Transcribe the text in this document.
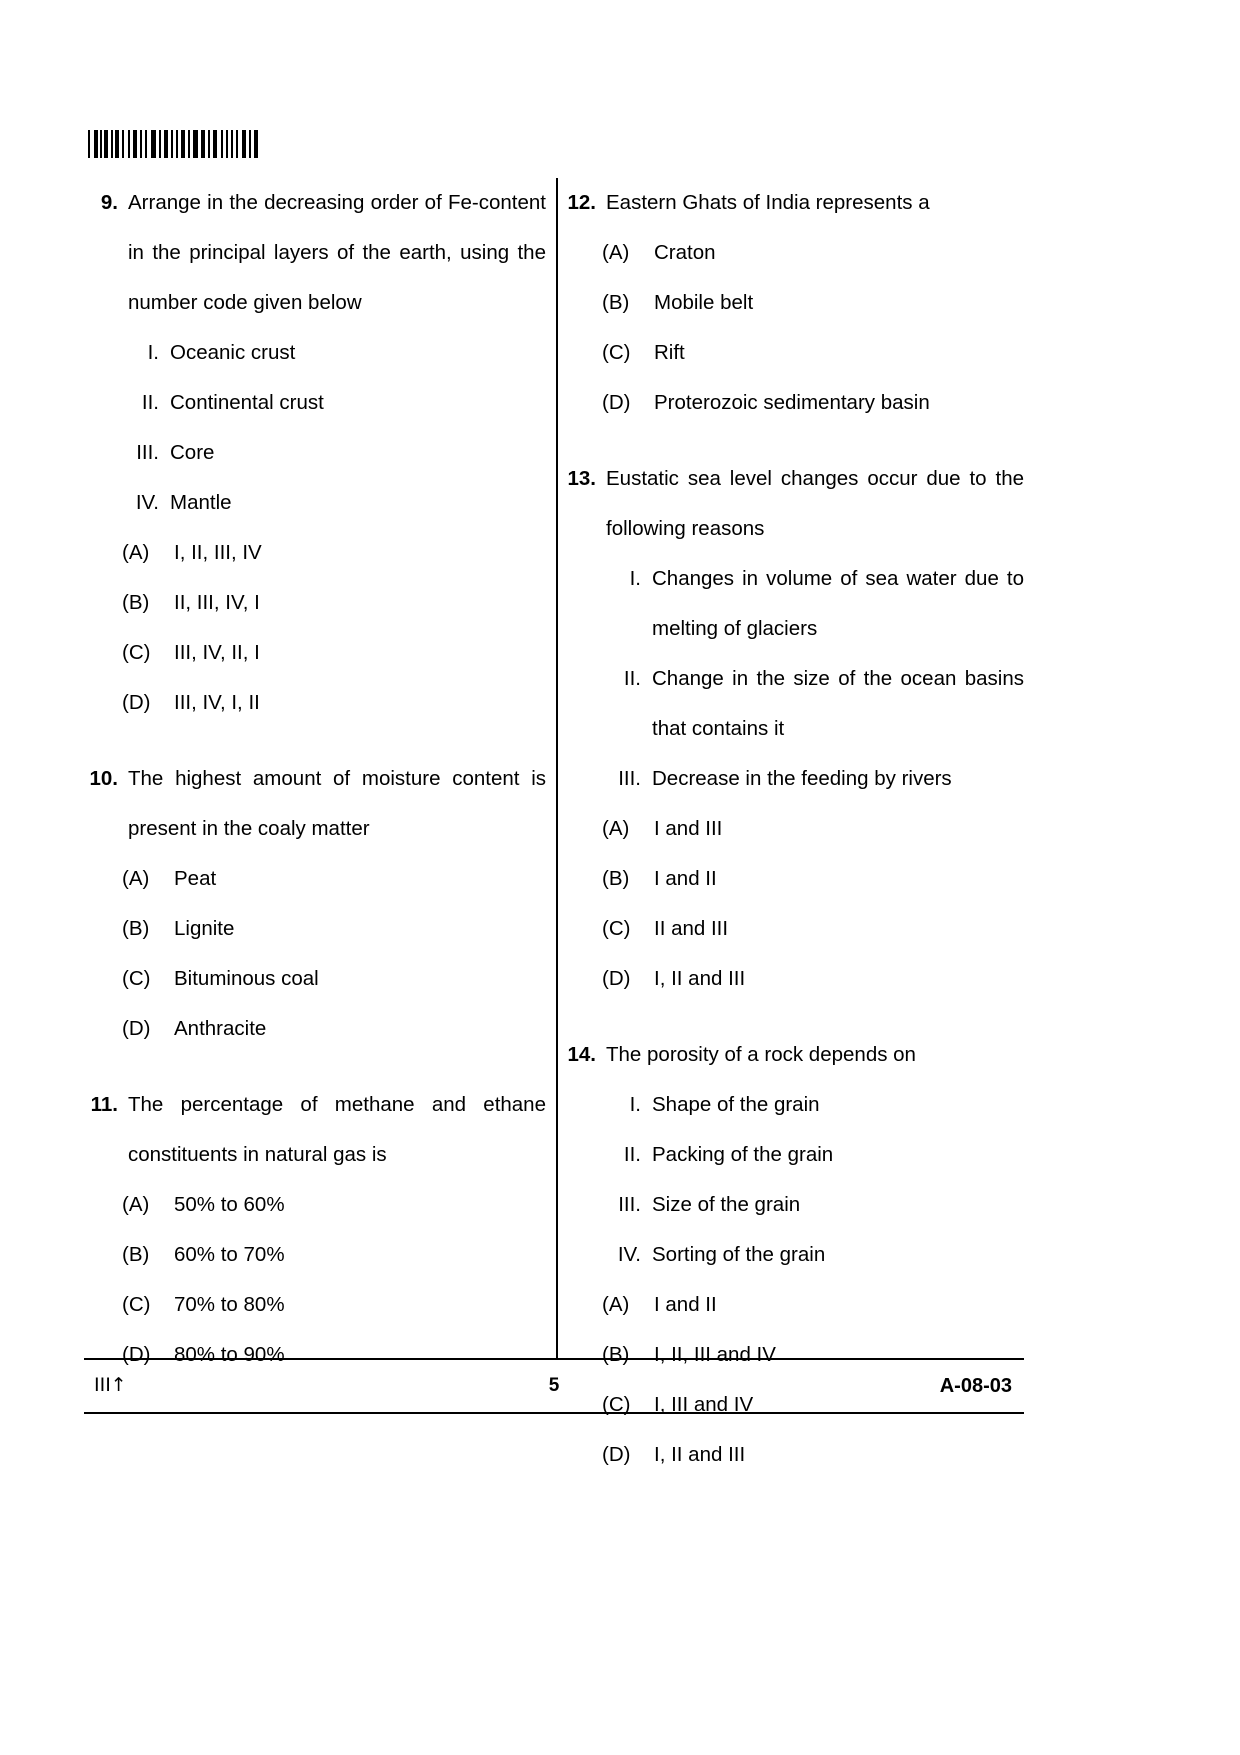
9. Arrange in the decreasing order of Fe-content in the principal layers of the earth, using the number code given below
I. Oceanic crust
II. Continental crust
III. Core
IV. Mantle
(A)	I, II, III, IV
(B)	II, III, IV, I
(C)	III, IV, II, I
(D)	III, IV, I, II
10. The highest amount of moisture content is present in the coaly matter
(A)	Peat
(B)	Lignite
(C)	Bituminous coal
(D)	Anthracite
11. The percentage of methane and ethane constituents in natural gas is
(A)	50% to 60%
(B)	60% to 70%
(C)	70% to 80%
(D)	80% to 90%
12. Eastern Ghats of India represents a
(A)	Craton
(B)	Mobile belt
(C)	Rift
(D)	Proterozoic sedimentary basin
13. Eustatic sea level changes occur due to the following reasons
I. Changes in volume of sea water due to melting of glaciers
II. Change in the size of the ocean basins that contains it
III. Decrease in the feeding by rivers
(A)	I and III
(B)	I and II
(C)	II and III
(D)	I, II and III
14. The porosity of a rock depends on
I. Shape of the grain
II. Packing of the grain
III. Size of the grain
IV. Sorting of the grain
(A)	I and II
(B)	I, II, III and IV
(C)	I, III and IV
(D)	I, II and III
III↑	5	A-08-03
